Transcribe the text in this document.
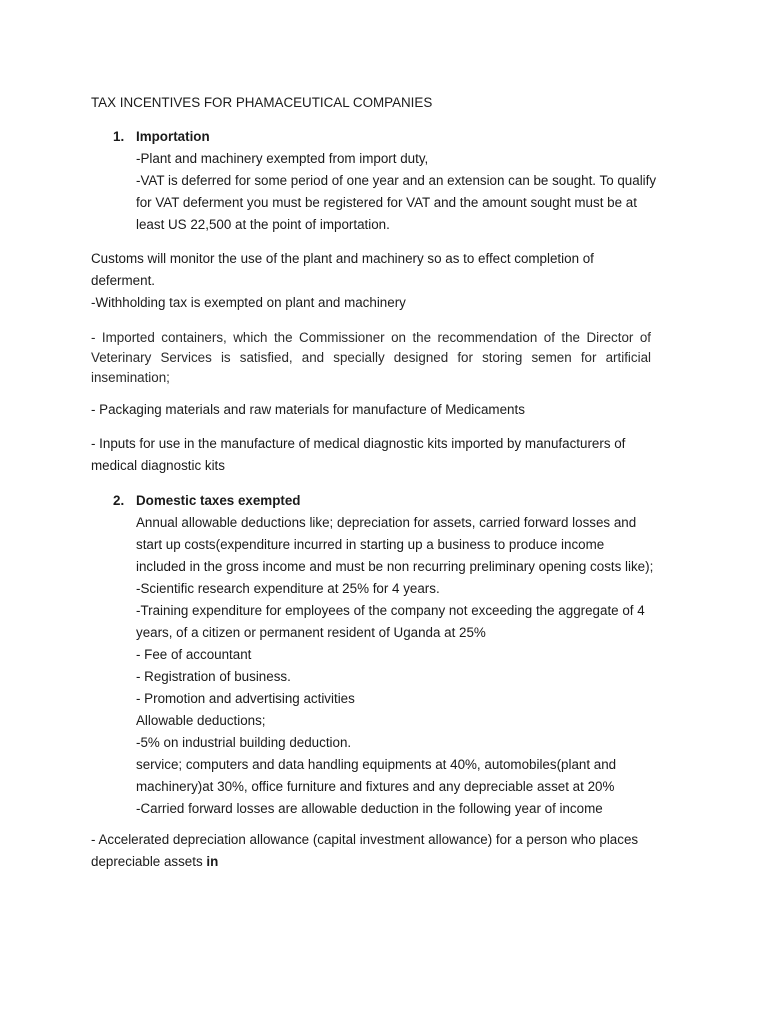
TAX INCENTIVES FOR PHAMACEUTICAL COMPANIES
1. Importation
-Plant and machinery exempted from import duty,
-VAT is deferred for some period of one year and an extension can be sought. To qualify
for VAT deferment you must be registered for VAT and the amount sought must be at
least US 22,500 at the point of importation.
Customs will monitor the use of the plant and machinery so as to effect completion of
deferment.
-Withholding tax is exempted on plant and machinery
- Imported containers, which the Commissioner on the recommendation of the Director of Veterinary Services is satisfied, and specially designed for storing semen for artificial insemination;
- Packaging materials and raw materials for manufacture of Medicaments
- Inputs for use in the manufacture of medical diagnostic kits imported by manufacturers of
medical diagnostic kits
2. Domestic taxes exempted
Annual allowable deductions like; depreciation for assets, carried forward losses and
start up costs(expenditure incurred in starting up a business to produce income
included in the gross income and must be non recurring preliminary opening costs like);
-Scientific research expenditure at 25% for 4 years.
-Training expenditure for employees of the company not exceeding the aggregate of 4
years, of a citizen or permanent resident of Uganda at 25%
- Fee of accountant
- Registration of business.
- Promotion and advertising activities
Allowable deductions;
-5% on industrial building deduction.
service; computers and data handling equipments at 40%, automobiles(plant and
machinery)at 30%, office furniture and fixtures and any depreciable asset at 20%
-Carried forward losses are allowable deduction in the following year of income
- Accelerated depreciation allowance (capital investment allowance) for a person who places
depreciable assets in
